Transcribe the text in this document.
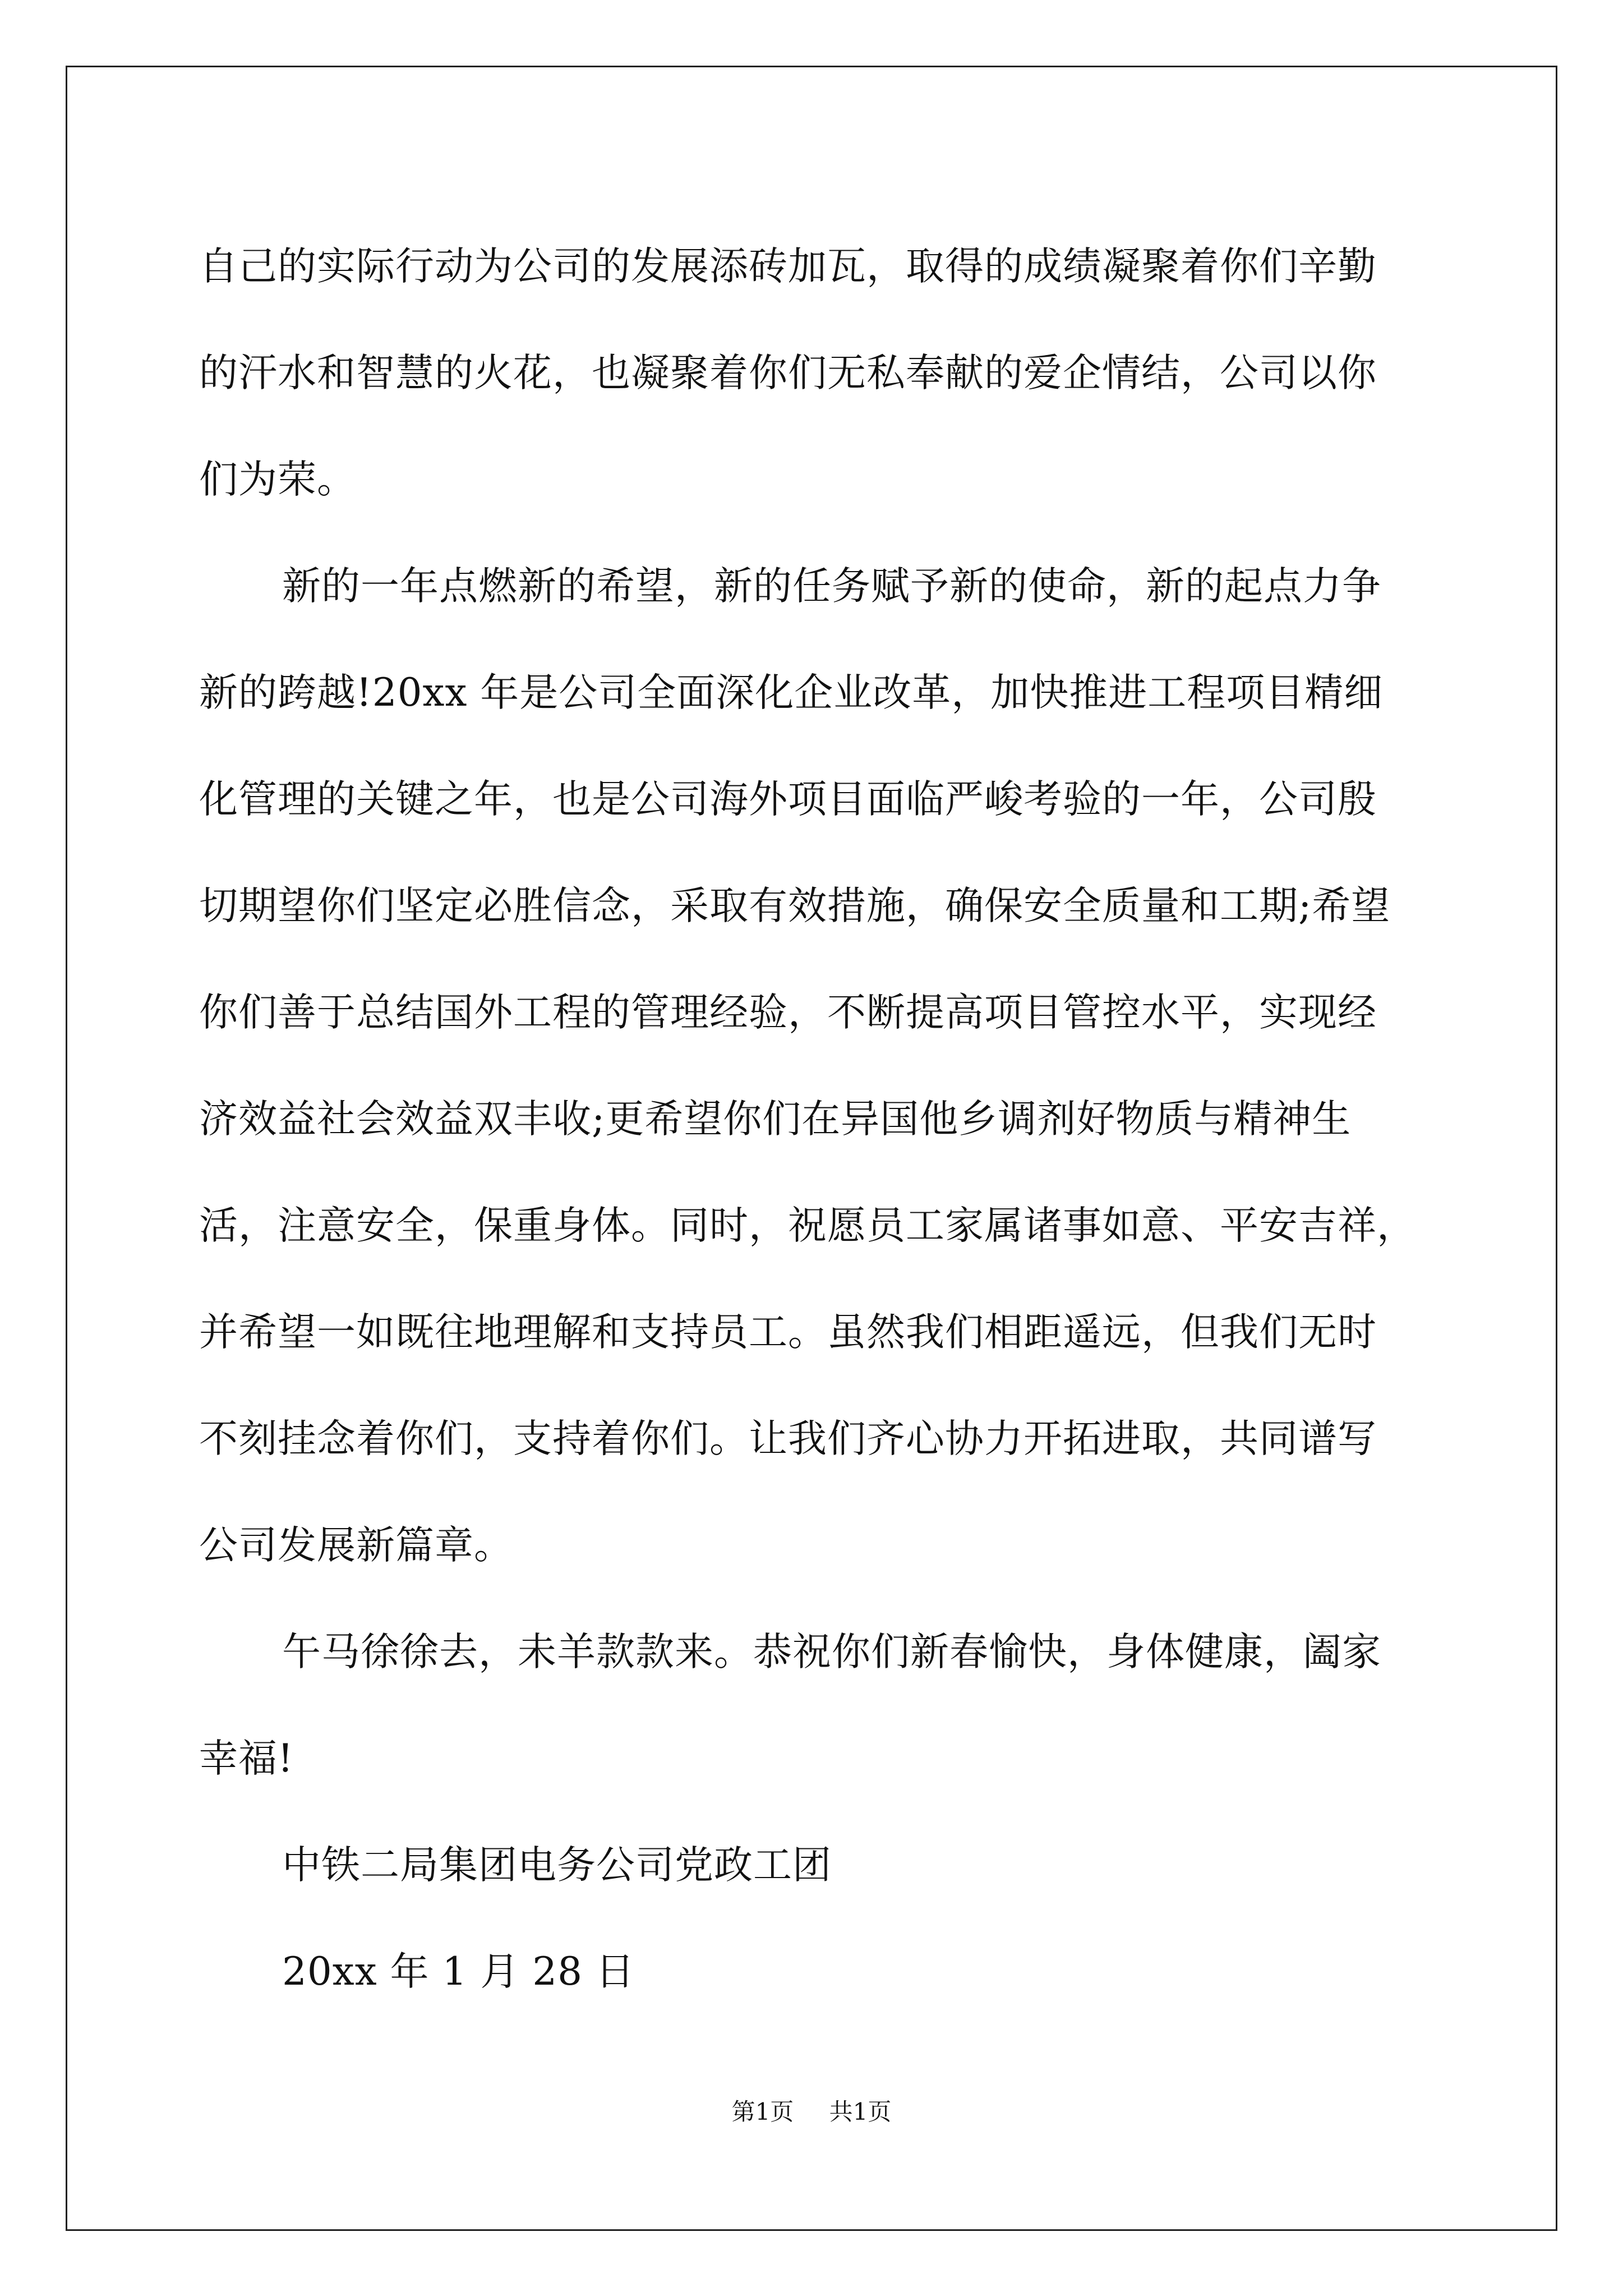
自己的实际行动为公司的发展添砖加瓦，取得的成绩凝聚着你们辛勤
的汗水和智慧的火花，也凝聚着你们无私奉献的爱企情结，公司以你
们为荣。

新的一年点燃新的希望，新的任务赋予新的使命，新的起点力争
新的跨越!20xx 年是公司全面深化企业改革，加快推进工程项目精细
化管理的关键之年，也是公司海外项目面临严峻考验的一年，公司殷
切期望你们坚定必胜信念，采取有效措施，确保安全质量和工期;希望
你们善于总结国外工程的管理经验，不断提高项目管控水平，实现经
济效益社会效益双丰收;更希望你们在异国他乡调剂好物质与精神生
活，注意安全，保重身体。同时，祝愿员工家属诸事如意、平安吉祥，
并希望一如既往地理解和支持员工。虽然我们相距遥远，但我们无时
不刻挂念着你们，支持着你们。让我们齐心协力开拓进取，共同谱写
公司发展新篇章。

午马徐徐去，未羊款款来。恭祝你们新春愉快，身体健康，阖家
幸福!

中铁二局集团电务公司党政工团

20xx 年 1 月 28 日

第1页 共1页
